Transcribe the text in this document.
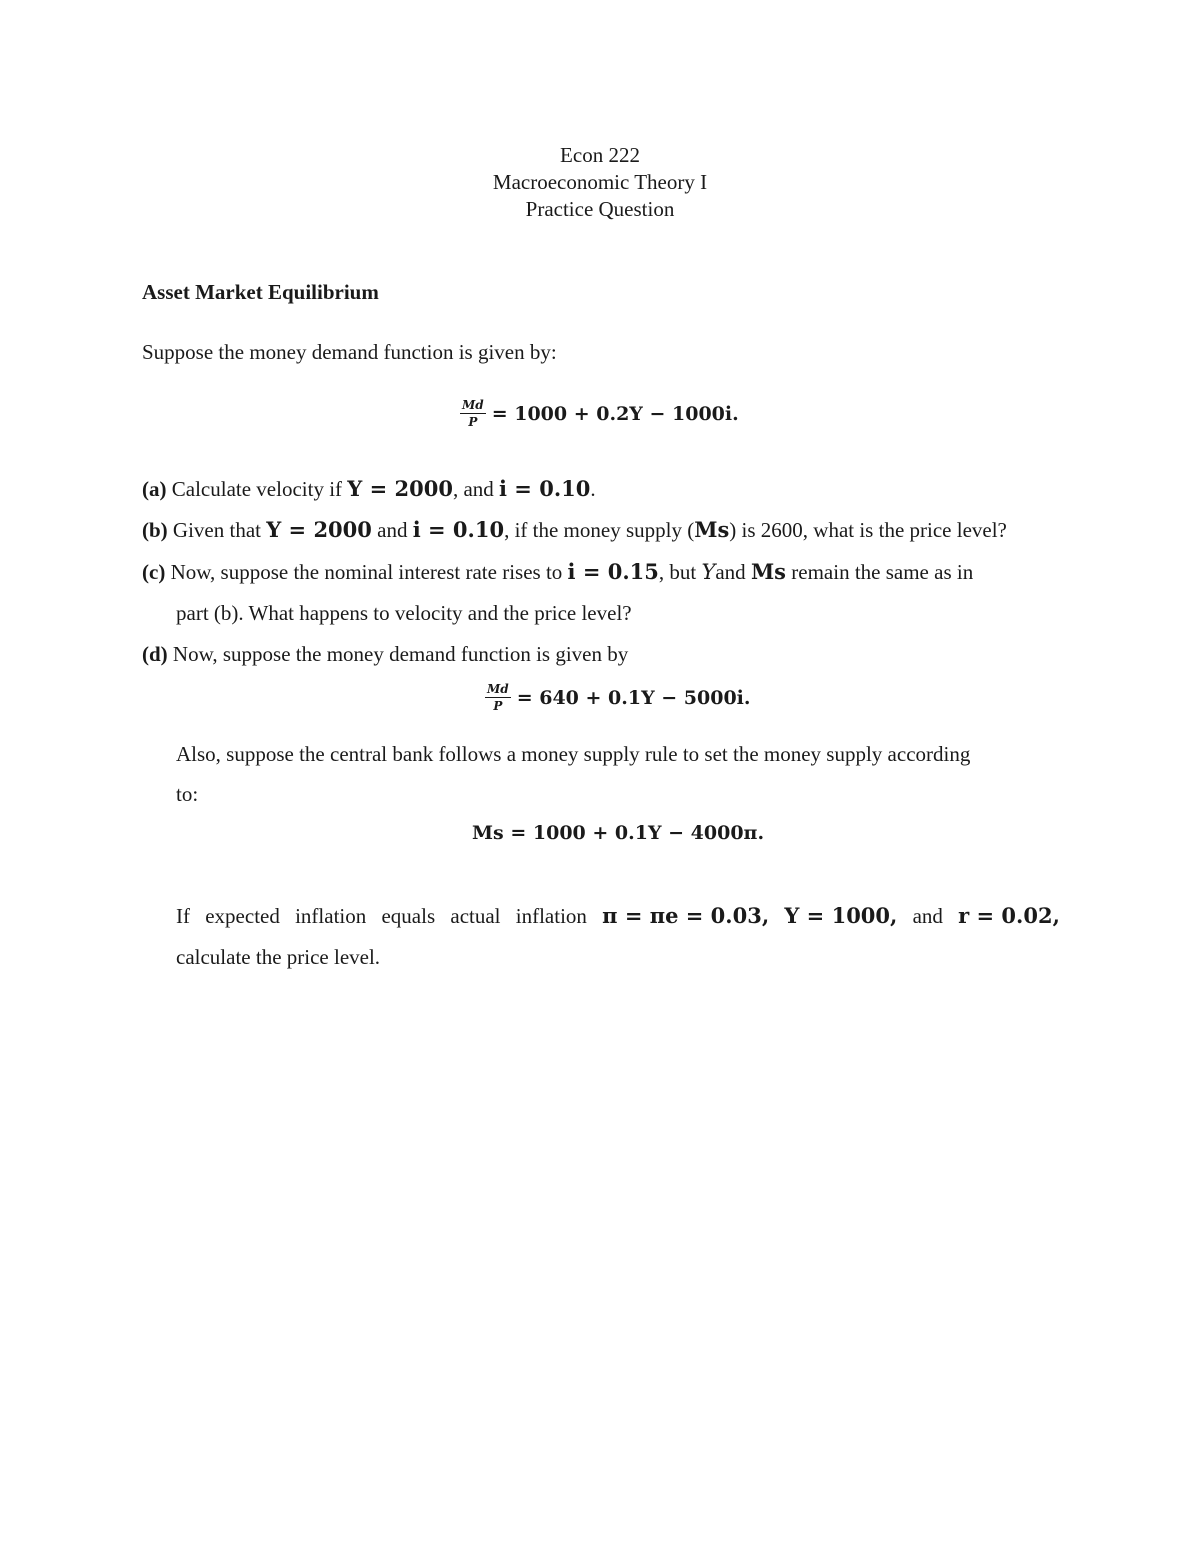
Econ 222
Macroeconomic Theory I
Practice Question
Asset Market Equilibrium
Suppose the money demand function is given by:
$\frac{Md}{P} = 1000 + 0.2Y - 1000i$.
(a) Calculate velocity if Y = 2000, and i = 0.10.
(b) Given that Y = 2000 and i = 0.10, if the money supply (Ms) is 2600, what is the price level?
(c) Now, suppose the nominal interest rate rises to i = 0.15, but Yand Ms remain the same as in
part (b). What happens to velocity and the price level?
(d) Now, suppose the money demand function is given by
$\frac{Md}{P} = 640 + 0.1Y - 5000i$.
Also, suppose the central bank follows a money supply rule to set the money supply according
to:
Ms = 1000 + 0.1Y − 4000π.
If expected inflation equals actual inflation π = πe = 0.03, Y = 1000, and r = 0.02,
calculate the price level.
